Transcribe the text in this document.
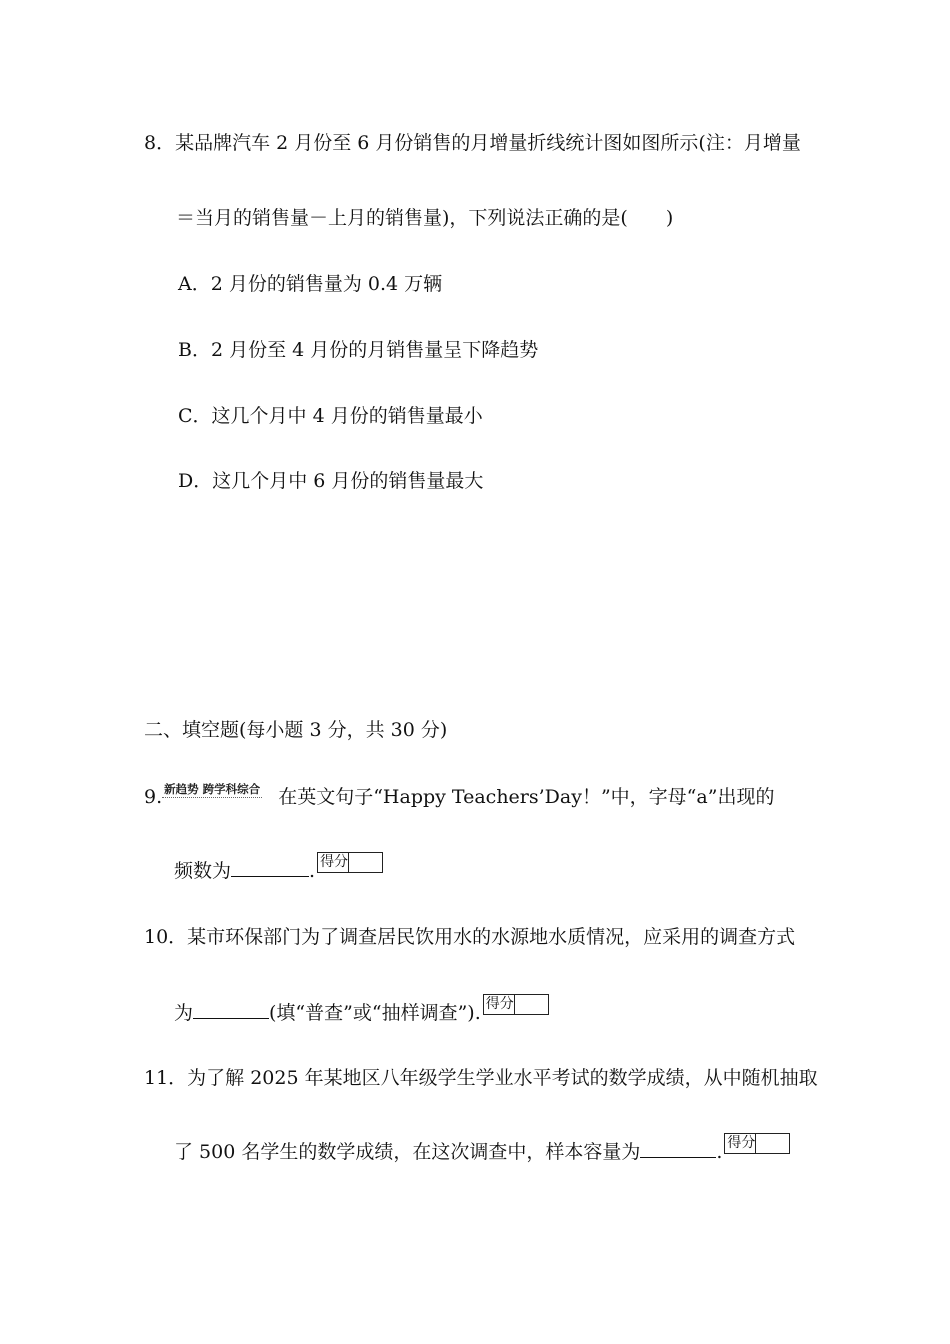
8．某品牌汽车 2 月份至 6 月份销售的月增量折线统计图如图所示(注：月增量
＝当月的销售量－上月的销售量)，下列说法正确的是(　　)
A．2 月份的销售量为 0.4 万辆
B．2 月份至 4 月份的月销售量呈下降趋势
C．这几个月中 4 月份的销售量最小
D．这几个月中 6 月份的销售量最大
二、填空题(每小题 3 分，共 30 分)
9. 新趋势 跨学科综合 在英文句子“Happy Teachers’Day！”中，字母“a”出现的
频数为	. 得分
10．某市环保部门为了调查居民饮用水的水源地水质情况，应采用的调查方式
为	(填“普查”或“抽样调查”). 得分
11．为了解 2025 年某地区八年级学生学业水平考试的数学成绩，从中随机抽取
了 500 名学生的数学成绩，在这次调查中，样本容量为	. 得分
